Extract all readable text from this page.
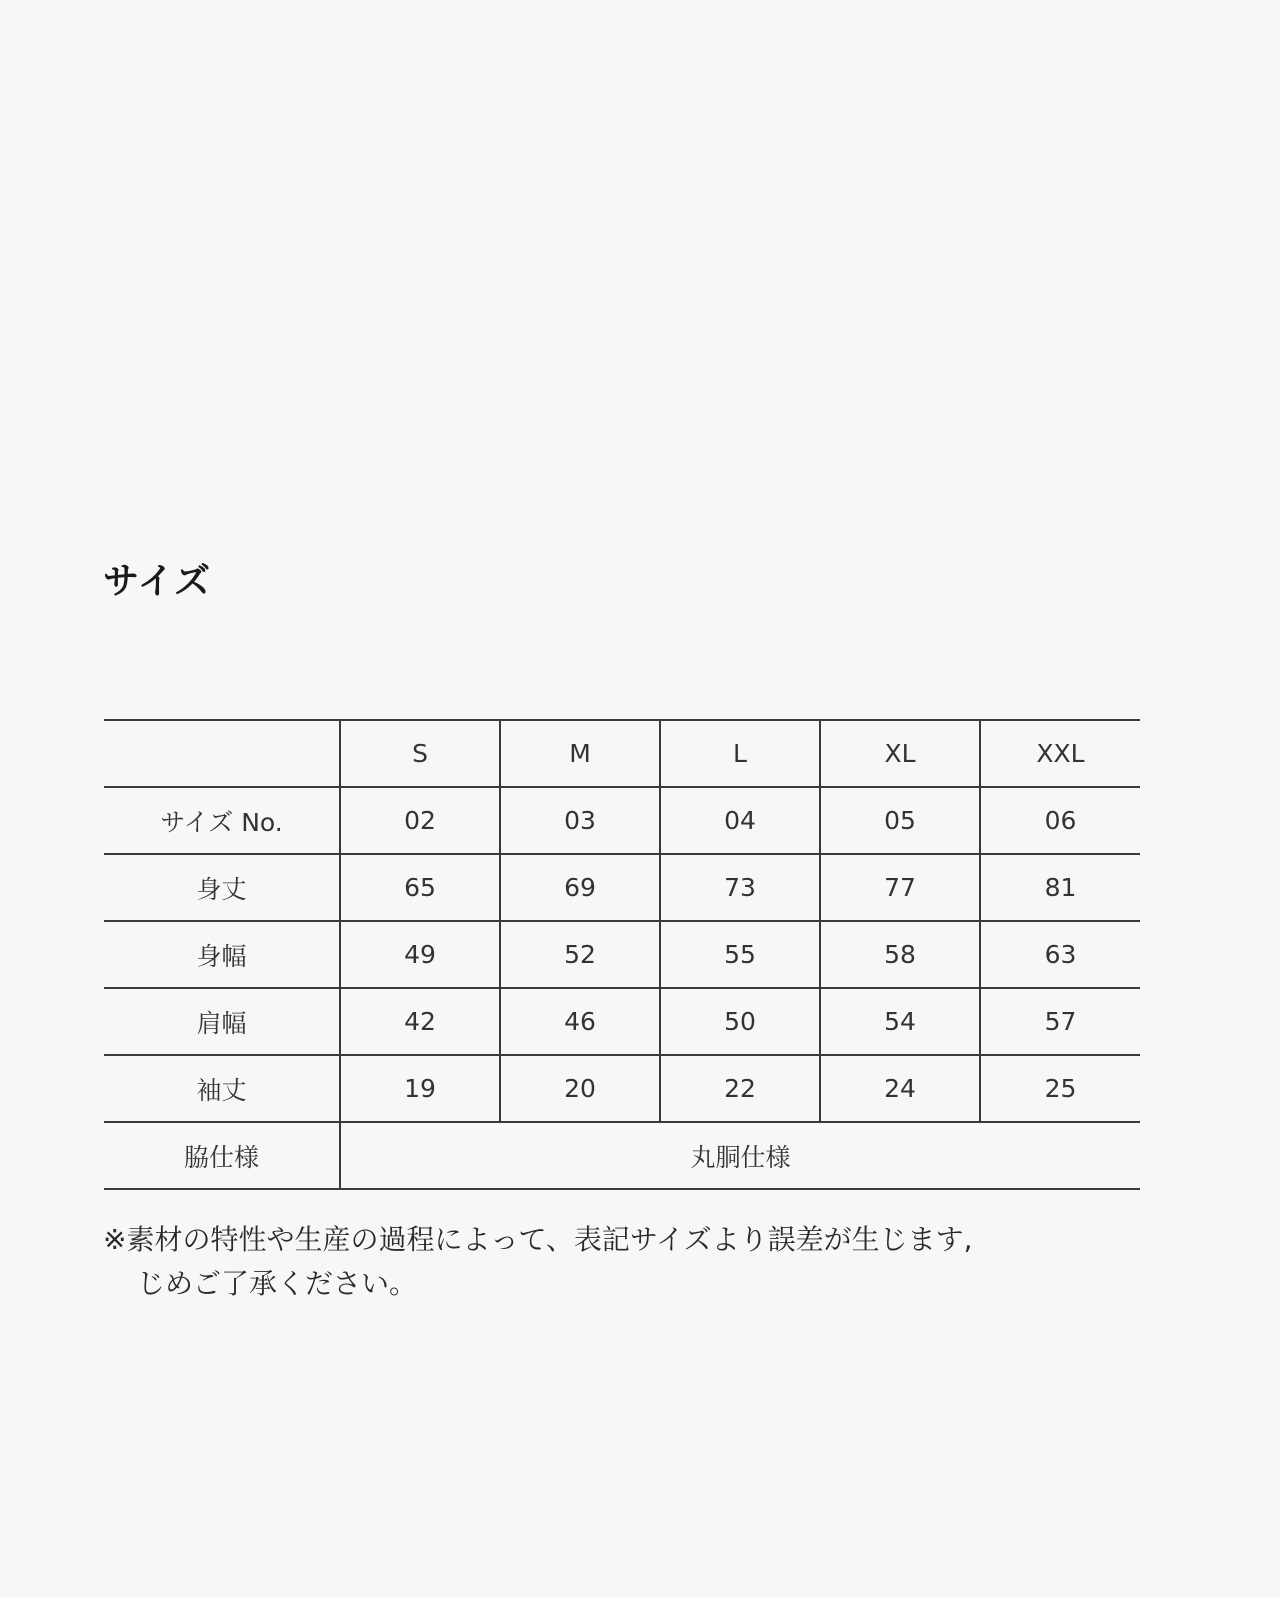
サイズ
	S	M	L	XL	XXL
サイズ No.	02	03	04	05	06
身丈	65	69	73	77	81
身幅	49	52	55	58	63
肩幅	42	46	50	54	57
袖丈	19	20	22	24	25
脇仕様	丸胴仕様				

※素材の特性や生産の過程によって、表記サイズより誤差が生じます,
じめご了承ください。
